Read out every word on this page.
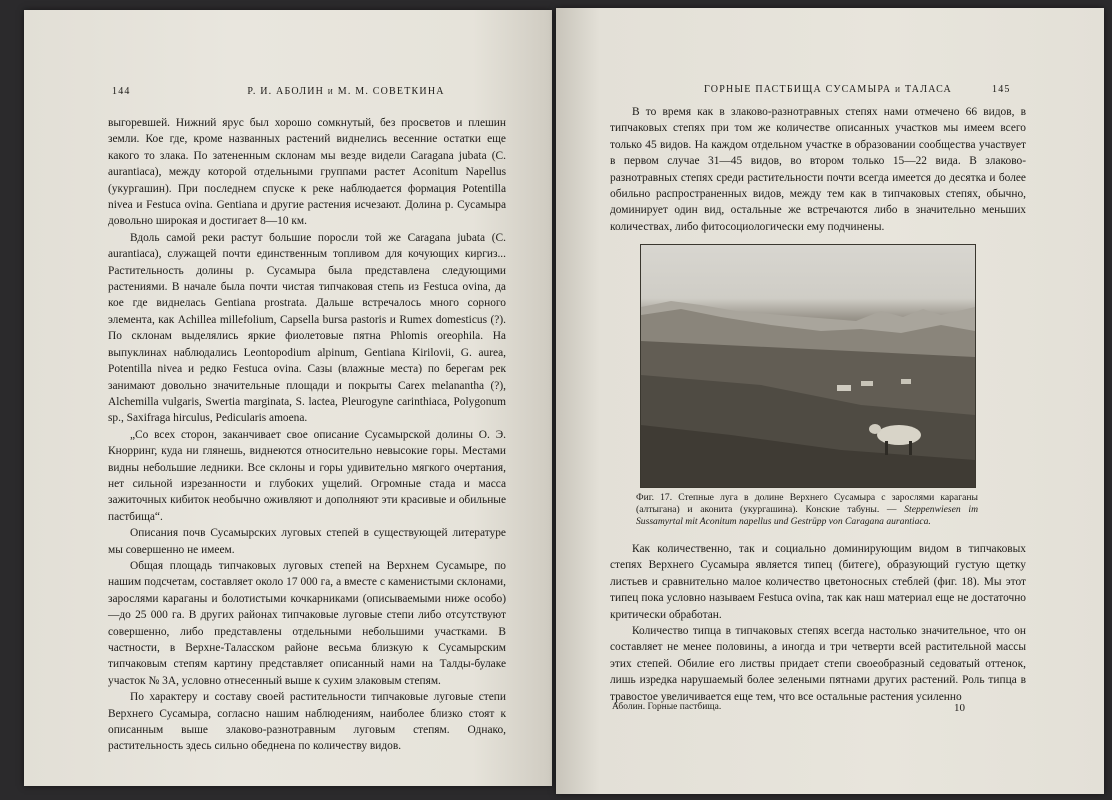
144	Р. И. АБОЛИН и М. М. СОВЕТКИНА

выгоревшей. Нижний ярус был хорошо сомкнутый, без просветов и плешин земли. Кое где, кроме названных растений виднелись весенние остатки еще какого то злака. По затененным склонам мы везде видели Caragana jubata (C. aurantiaca), между которой отдельными группами растет Aconitum Napellus (укургашин). При последнем спуске к реке наблюдается формация Potentilla nivea и Festuca ovina. Gentiana и другие растения исчезают. Долина р. Сусамыра довольно широкая и достигает 8—10 км.

Вдоль самой реки растут большие поросли той же Caragana jubata (C. aurantiaca), служащей почти единственным топливом для кочующих киргиз... Растительность долины р. Сусамыра была представлена следующими растениями. В начале была почти чистая типчаковая степь из Festuca ovina, да кое где виднелась Gentiana prostrata. Дальше встречалось много сорного элемента, как Achillea millefolium, Capsella bursa pastoris и Rumex domesticus (?). По склонам выделялись яркие фиолетовые пятна Phlomis oreophila. На выпуклинах наблюдались Leontopodium alpinum, Gentiana Kirilovii, G. aurea, Potentilla nivea и редко Festuca ovina. Сазы (влажные места) по берегам рек занимают довольно значительные площади и покрыты Carex melanantha (?), Alchemilla vulgaris, Swertia marginata, S. lactea, Pleurogyne carinthiaca, Polygonum sp., Saxifraga hirculus, Pedicularis amoena.

„Со всех сторон, заканчивает свое описание Сусамырской долины О. Э. Кнорринг, куда ни глянешь, виднеются относительно невысокие горы. Местами видны небольшие ледники. Все склоны и горы удивительно мягкого очертания, нет сильной изрезанности и глубоких ущелий. Огромные стада и масса зажиточных кибиток необычно оживляют и дополняют эти красивые и обильные пастбища“.

Описания почв Сусамырских луговых степей в существующей литературе мы совершенно не имеем.

Общая площадь типчаковых луговых степей на Верхнем Сусамыре, по нашим подсчетам, составляет около 17 000 га, а вместе с каменистыми склонами, зарослями караганы и болотистыми кочкарниками (описываемыми ниже особо)—до 25 000 га. В других районах типчаковые луговые степи либо отсутствуют совершенно, либо представлены отдельными небольшими участками. В частности, в Верхне-Таласском районе весьма близкую к Сусамырским типчаковым степям картину представляет описанный нами на Талды-булаке участок № 3А, условно отнесенный выше к сухим злаковым степям.

По характеру и составу своей растительности типчаковые луговые степи Верхнего Сусамыра, согласно нашим наблюдениям, наиболее близко стоят к описанным выше злаково-разнотравным луговым степям. Однако, растительность здесь сильно обеднена по количеству видов.

ГОРНЫЕ ПАСТБИЩА СУСАМЫРА и ТАЛАСА	145

В то время как в злаково-разнотравных степях нами отмечено 66 видов, в типчаковых степях при том же количестве описанных участков мы имеем всего только 45 видов. На каждом отдельном участке в образовании сообщества участвует в первом случае 31—45 видов, во втором только 15—22 вида. В злаково-разнотравных степях среди растительности почти всегда имеется до десятка и более обильно распространенных видов, между тем как в типчаковых степях, обычно, доминирует один вид, остальные же встречаются либо в значительно меньших количествах, либо фитосоциологически ему подчинены.

Фиг. 17. Степные луга в долине Верхнего Сусамыра с зарослями караганы (алтыгана) и аконита (укургашина). Конские табуны. — Steppenwiesen im Sussamyrtal mit Aconitum napellus und Gestrüpp von Caragana aurantiaca.

Как количественно, так и социально доминирующим видом в типчаковых степях Верхнего Сусамыра является типец (битеге), образующий густую щетку листьев и сравнительно малое количество цветоносных стеблей (фиг. 18). Мы этот типец пока условно называем Festuca ovina, так как наш материал еще не достаточно критически обработан.

Количество типца в типчаковых степях всегда настолько значительное, что он составляет не менее половины, а иногда и три четверти всей растительной массы этих степей. Обилие его листвы придает степи своеобразный седоватый оттенок, лишь изредка нарушаемый более зелеными пятнами других растений. Роль типца в травостое увеличивается еще тем, что все остальные растения усиленно

Аболин. Горные пастбища.	10
